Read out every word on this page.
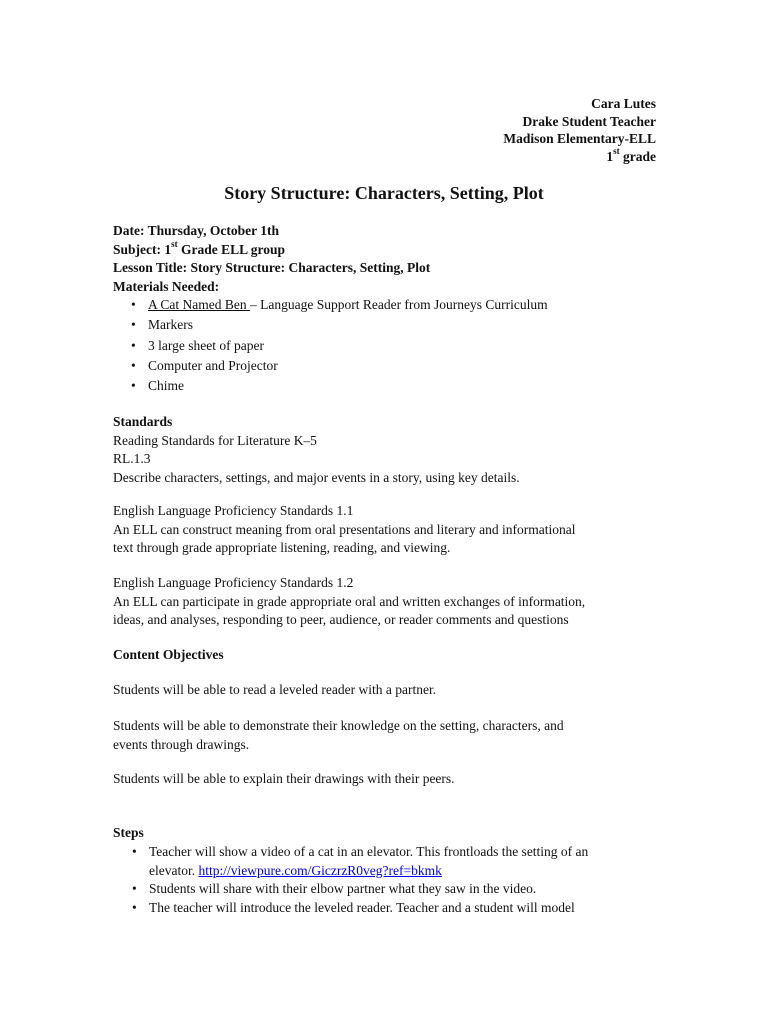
Cara Lutes
Drake Student Teacher
Madison Elementary-ELL
1st grade
Story Structure: Characters, Setting, Plot
Date: Thursday, October 1th
Subject: 1st Grade ELL group
Lesson Title: Story Structure: Characters, Setting, Plot
Materials Needed:
• A Cat Named Ben – Language Support Reader from Journeys Curriculum
• Markers
• 3 large sheet of paper
• Computer and Projector
• Chime
Standards
Reading Standards for Literature K–5
RL.1.3
Describe characters, settings, and major events in a story, using key details.
English Language Proficiency Standards 1.1
An ELL can construct meaning from oral presentations and literary and informational
text through grade appropriate listening, reading, and viewing.
English Language Proficiency Standards 1.2
An ELL can participate in grade appropriate oral and written exchanges of information,
ideas, and analyses, responding to peer, audience, or reader comments and questions
Content Objectives
Students will be able to read a leveled reader with a partner.
Students will be able to demonstrate their knowledge on the setting, characters, and
events through drawings.
Students will be able to explain their drawings with their peers.
Steps
• Teacher will show a video of a cat in an elevator. This frontloads the setting of an
elevator. http://viewpure.com/GiczrzR0veg?ref=bkmk
• Students will share with their elbow partner what they saw in the video.
• The teacher will introduce the leveled reader. Teacher and a student will model
